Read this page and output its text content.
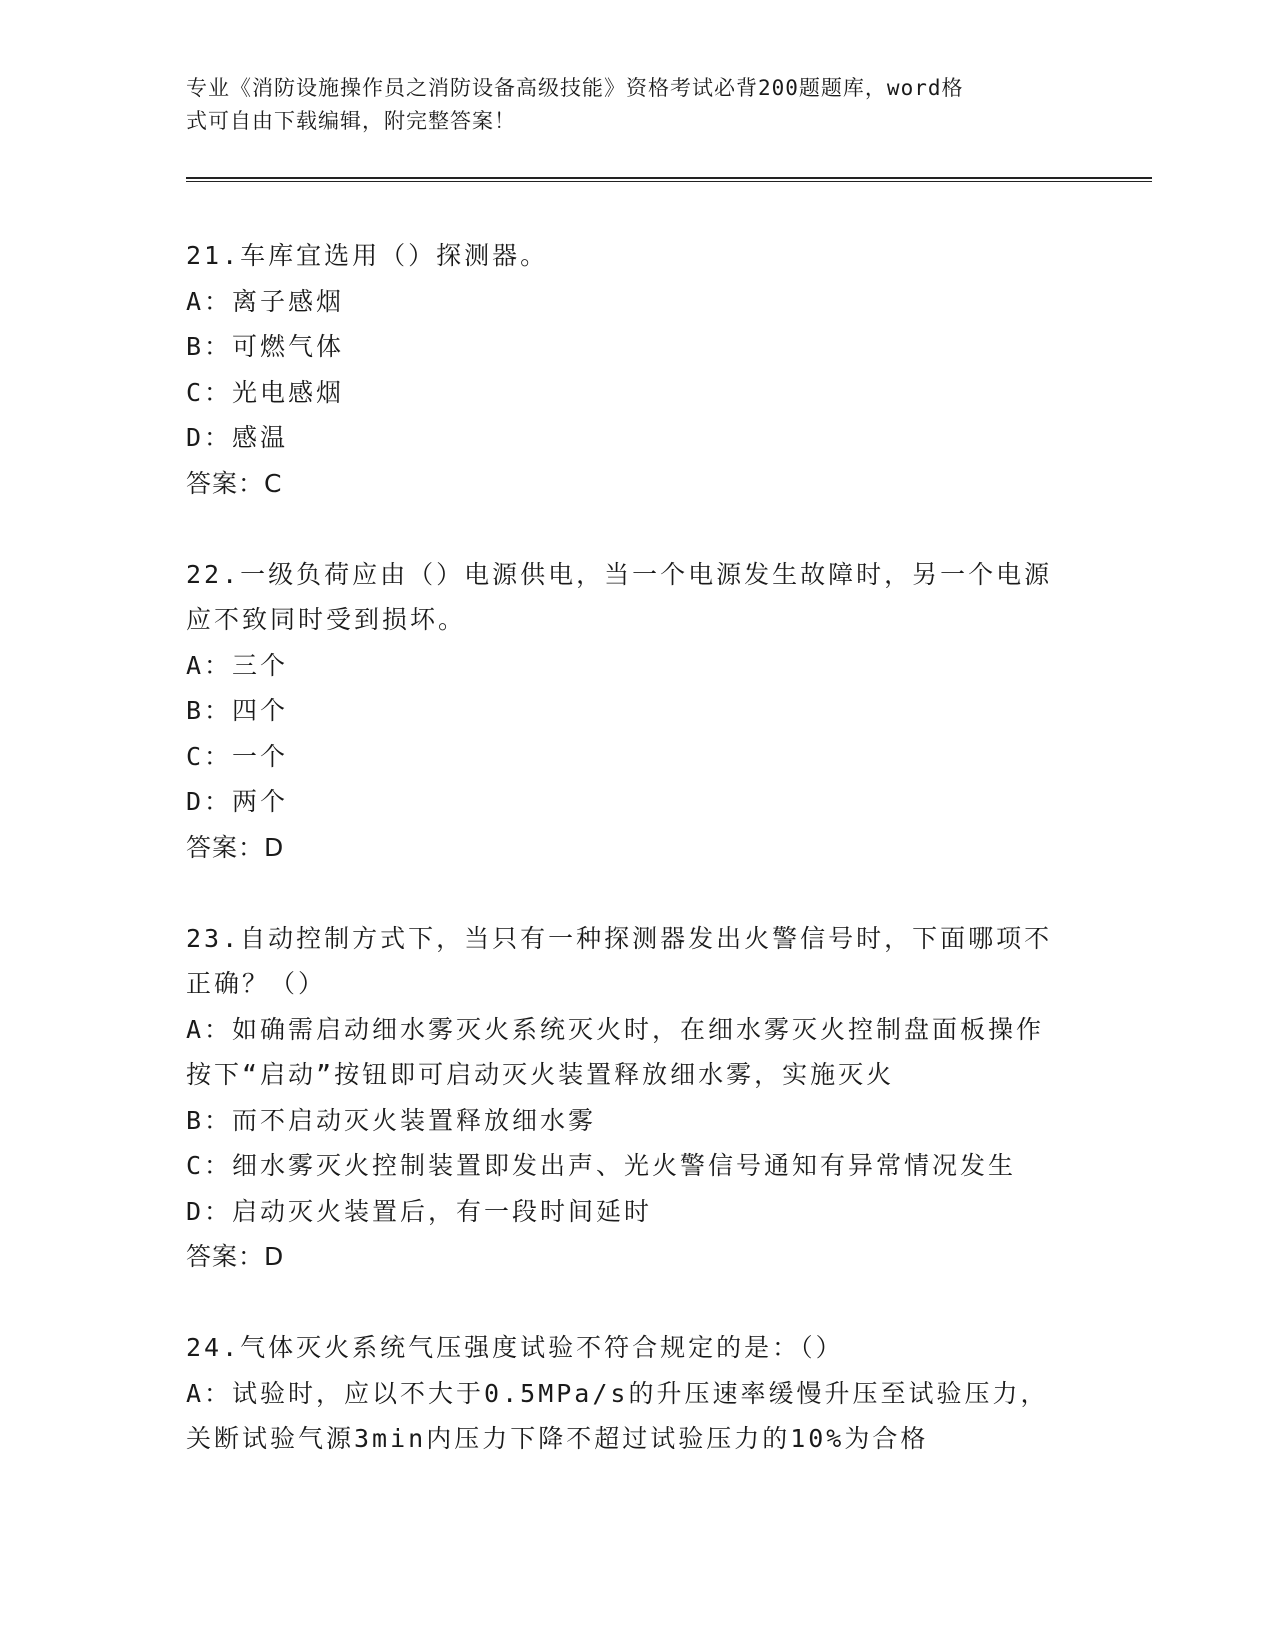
专业《消防设施操作员之消防设备高级技能》资格考试必背200题题库，word格
式可自由下载编辑，附完整答案！
21.车库宜选用（）探测器。
A：离子感烟
B：可燃气体
C：光电感烟
D：感温
答案：C
22.一级负荷应由（）电源供电，当一个电源发生故障时，另一个电源
应不致同时受到损坏。
A：三个
B：四个
C：一个
D：两个
答案：D
23.自动控制方式下，当只有一种探测器发出火警信号时，下面哪项不
正确？（）
A：如确需启动细水雾灭火系统灭火时，在细水雾灭火控制盘面板操作
按下“启动”按钮即可启动灭火装置释放细水雾，实施灭火
B：而不启动灭火装置释放细水雾
C：细水雾灭火控制装置即发出声、光火警信号通知有异常情况发生
D：启动灭火装置后，有一段时间延时
答案：D
24.气体灭火系统气压强度试验不符合规定的是：（）
A：试验时，应以不大于0.5MPa/s的升压速率缓慢升压至试验压力，
关断试验气源3min内压力下降不超过试验压力的10%为合格
